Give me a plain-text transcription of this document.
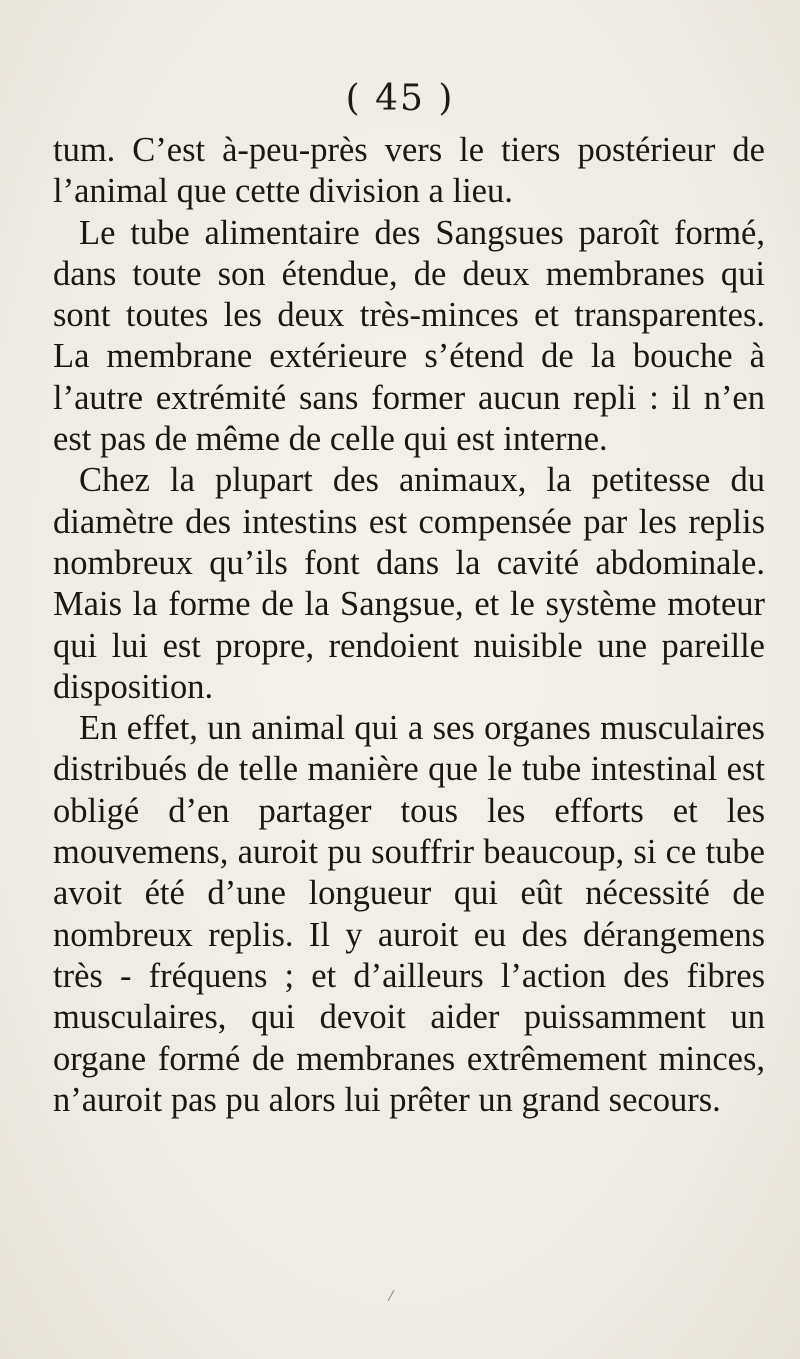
( 45 )

tum. C’est à-peu-près vers le tiers postérieur de l’animal que cette division a lieu.

Le tube alimentaire des Sangsues paroît formé, dans toute son étendue, de deux membranes qui sont toutes les deux très-minces et transparentes. La membrane extérieure s’étend de la bouche à l’autre extrémité sans former aucun repli : il n’en est pas de même de celle qui est interne.

Chez la plupart des animaux, la petitesse du diamètre des intestins est compensée par les replis nombreux qu’ils font dans la cavité abdominale. Mais la forme de la Sangsue, et le système moteur qui lui est propre, rendoient nuisible une pareille disposition.

En effet, un animal qui a ses organes musculaires distribués de telle manière que le tube intestinal est obligé d’en partager tous les efforts et les mouvemens, auroit pu souffrir beaucoup, si ce tube avoit été d’une longueur qui eût nécessité de nombreux replis. Il y auroit eu des dérangemens très - fréquens ; et d’ailleurs l’action des fibres musculaires, qui devoit aider puissamment un organe formé de membranes extrêmement minces, n’auroit pas pu alors lui prêter un grand secours.
